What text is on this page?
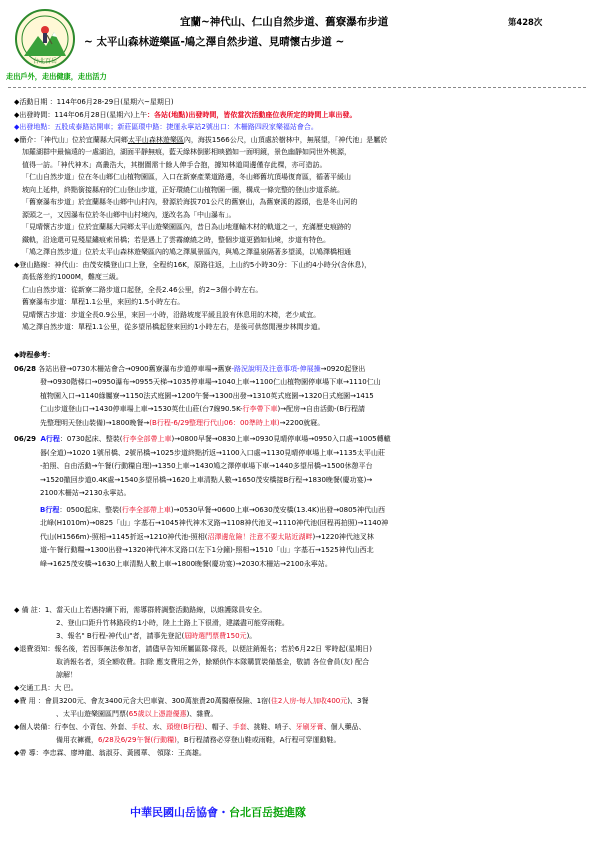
台北百岳
走出戶外，走出健康，走出活力
宜蘭~神代山、仁山自然步道、舊寮瀑布步道	第428次
~ 太平山森林遊樂區-鳩之澤自然步道、見晴懷古步道 ~
◆活動日期 ：114年06月28-29日(星期六~星期日)
◆出發時間：114年06月28日(星期六)上午：各站(地點)出發時間，皆依當次活動座位表所定的時間上車出發。
◆出發地點：五股成泰路站開車；新莊區環中路：捷運永寧站2號出口：木柵路四段家樂福站會合。
◆簡介：「神代山」位於宜蘭縣大同鄉太平山森林遊樂區內，海拔1566公尺，山頂處於樹林中，無展望，「神代池」是屬於
加羅湖群中最偏遠的一處湖泊，湖面平靜無痕，藍天綠林倒影相映猶如一面明鏡，景色幽靜如同世外桃源，
值得一訪。「神代神木」高叢浩大，其樹圍需十餘人伸手合抱，據知林道周邊僅存此棵，亦可造訪。
「仁山自然步道」位在冬山鄉仁山植物園區，入口在新寮產業道路邊，冬山鄉舊坑頂場復育區，循著平緩山
坡向上延伸，終點銜接縣府的仁山登山步道，正好環繞仁山植物園一圈，構成一條完整的登山步道系統。
「舊寮瀑布步道」於宜蘭縣冬山鄉中山村內，發源於海拔701公尺的舊寮山，為舊寮溪的源頭，也是冬山河的
源頭之一，又因瀑布位於冬山鄉中山村境內，遂改名為「中山瀑布」。
「見晴懷古步道」位於宜蘭縣大同鄉太平山遊樂園區內，昔日為山地運輸木材的軌道之一，充滿歷史痕跡的
鐵軌，沿途還可見殘屋鏽痕索吊橋；若是遇上了雲霧繚繞之時，整個步道更猶如仙境，步道有特色。
「鳩之澤自然步道」位於太平山森林遊樂區內的鳩之澤風景區內，與鳩之澤溫泉隔著多望溪，以鳩澤橋相通
◆登山路線：神代山：由茂安橋登山口上登，全程約16K，原路往返，上山約5小時30分：下山約4小時分(含休息)，
高低落差約1000M，難度三級。
仁山自然步道：從新寮二路步道口起登，全長2.46公里，約2~3個小時左右。
舊寮瀑布步道：單程1.1公里，來回約1.5小時左右。
見晴懷古步道：步道全長0.9公里，來回一小時，沿路坡度平緩且設有休息用的木椅，老少咸宜。
鳩之澤自然步道：單程1.1公里，從多望吊橋起登來回約1小時左右，是後可供悠閒漫步林間步道。
◆時程參考：
06/28 各站出發→0730木柵站會合→0900舊寮瀑布步道停車場→舊寮-路況說明及注意事項-伸展操→0920起登出
發→0930階梯口→0950瀑布→0955天梯→1035停車場→1040上車→1100仁山植物園停車場下車→1110仁山
植物園入口→1140綠屬寮→1150法式庭園→1200午餐→1300出發→1310英式庭園→1320日式庭園→1415
仁山步道登山口→1430停車場上車→1530英仕山莊(台7線90.5K-行李帶下車)→配房→自由活動-(B行程請
先整理明天登山裝備)→1800晚餐→(B行程-6/29整理行代山06：00準時上車)→2200就寢。
06/29 A行程：0730起床、整裝(行李全部帶上車)→0800早餐→0830上車→0930見晴停車場→0950入口處→1005轉轍
器(全道)→1020 1號吊橋、2號吊橋→1025步道終點折返→1100入口處→1130見晴停車場上車→1135太平山莊
-拍照、自由活動→午餐(行動糧自理)→1350上車→1430鳩之澤停車場下車→1440多望吊橋→1500休憩平台
→1520撤回步道0.4K處→1540多望吊橋→1620上車清點人數→1650茂安橋接B行程→1830晚餐(慶功宴)→
2100木柵站→2130永寧站。
B行程：0500起床、整裝(行李全部帶上車)→0530早餐→0600上車→0630茂安橋(13.4K)出發→0805神代山西
北峰(H1010m)→0825「山」字基石→1045神代神木叉路→1108神代池叉→1110神代池(回程再拍照)→1140神
代山(H1566m)-照相→1145折返→1210神代池-照相(沼澤邊危險！注意不要太貼近湖畔)→1220神代池叉林
道-午餐行動糧→1300出發→1320神代神木叉路口(左下1分鐘)-照相→1510「山」字基石→1525神代山西北
峰→1625茂安橋→1630上車清點人數上車→1800晚餐(慶功宴)→2030木柵站→2100永寧站。
◆ 備 註：1、當天山上若遇持續下雨，需導群將調整活動路線，以維護隊員安全。
2、登山口距升竹林路段約1小時，陸上土路上下很滑，建議盡可能穿雨鞋。
3、報名" B行程-神代山"者，請事先登記(屆時選門票費150元)。
◆退費須知：報名後，若因事無法參加者，請儘早告知所屬區隊-隊長，以便註銷報名；若於6月22日 零時起(星期日)
取消報名者，須全額收費。扣除 應支費用之外，餘額供作本隊購買裝備基金，敬請 各位會員(友) 配合
諒解！
◆交通工具：大 巴。
◆費 用 ：會員3200元、會友3400元含大巴車資、300萬旅責20萬醫療保險、1宿(住2人房-每人加收400元)、3餐
、太平山遊樂園區門票(65歲以上憑證優惠)、雜費。
◆個人裝備：行李包、小背包、外套、手杖、水、頭燈(B行程)、帽子、手套、挑鞋、哨子、牙刷牙膏、個人藥品、
備用衣褲襪，6/28及6/29午餐(行動糧)，B行程請務必穿登山鞋或雨鞋，A行程可穿運動鞋。
◆帶 導：李忠霖、廖坤龍、翁淑芬、黃國華、 領隊：王高雄。
中華民國山岳協會・台北百岳挺進隊
